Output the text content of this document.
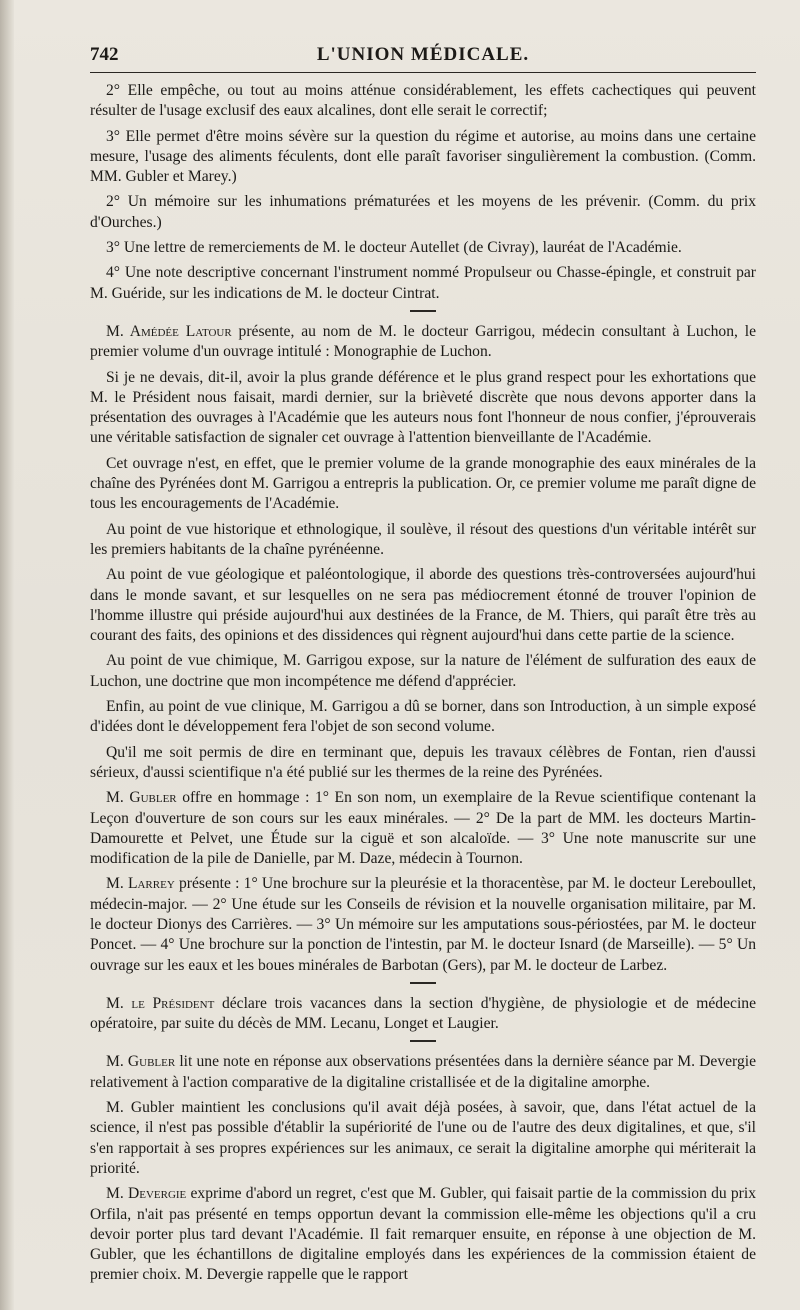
742	L'UNION MÉDICALE.

2° Elle empêche, ou tout au moins atténue considérablement, les effets cachectiques qui peuvent résulter de l'usage exclusif des eaux alcalines, dont elle serait le correctif;

3° Elle permet d'être moins sévère sur la question du régime et autorise, au moins dans une certaine mesure, l'usage des aliments féculents, dont elle paraît favoriser singulièrement la combustion. (Comm. MM. Gubler et Marey.)

2° Un mémoire sur les inhumations prématurées et les moyens de les prévenir. (Comm. du prix d'Ourches.)

3° Une lettre de remerciements de M. le docteur Autellet (de Civray), lauréat de l'Académie.

4° Une note descriptive concernant l'instrument nommé Propulseur ou Chasse-épingle, et construit par M. Guéride, sur les indications de M. le docteur Cintrat.

M. Amédée Latour présente, au nom de M. le docteur Garrigou, médecin consultant à Luchon, le premier volume d'un ouvrage intitulé : Monographie de Luchon.

Si je ne devais, dit-il, avoir la plus grande déférence et le plus grand respect pour les exhortations que M. le Président nous faisait, mardi dernier, sur la brièveté discrète que nous devons apporter dans la présentation des ouvrages à l'Académie que les auteurs nous font l'honneur de nous confier, j'éprouverais une véritable satisfaction de signaler cet ouvrage à l'attention bienveillante de l'Académie.

Cet ouvrage n'est, en effet, que le premier volume de la grande monographie des eaux minérales de la chaîne des Pyrénées dont M. Garrigou a entrepris la publication. Or, ce premier volume me paraît digne de tous les encouragements de l'Académie.

Au point de vue historique et ethnologique, il soulève, il résout des questions d'un véritable intérêt sur les premiers habitants de la chaîne pyrénéenne.

Au point de vue géologique et paléontologique, il aborde des questions très-controversées aujourd'hui dans le monde savant, et sur lesquelles on ne sera pas médiocrement étonné de trouver l'opinion de l'homme illustre qui préside aujourd'hui aux destinées de la France, de M. Thiers, qui paraît être très au courant des faits, des opinions et des dissidences qui règnent aujourd'hui dans cette partie de la science.

Au point de vue chimique, M. Garrigou expose, sur la nature de l'élément de sulfuration des eaux de Luchon, une doctrine que mon incompétence me défend d'apprécier.

Enfin, au point de vue clinique, M. Garrigou a dû se borner, dans son Introduction, à un simple exposé d'idées dont le développement fera l'objet de son second volume.

Qu'il me soit permis de dire en terminant que, depuis les travaux célèbres de Fontan, rien d'aussi sérieux, d'aussi scientifique n'a été publié sur les thermes de la reine des Pyrénées.

M. Gubler offre en hommage : 1° En son nom, un exemplaire de la Revue scientifique contenant la Leçon d'ouverture de son cours sur les eaux minérales. — 2° De la part de MM. les docteurs Martin-Damourette et Pelvet, une Étude sur la ciguë et son alcaloïde. — 3° Une note manuscrite sur une modification de la pile de Danielle, par M. Daze, médecin à Tournon.

M. Larrey présente : 1° Une brochure sur la pleurésie et la thoracentèse, par M. le docteur Lereboullet, médecin-major. — 2° Une étude sur les Conseils de révision et la nouvelle organisation militaire, par M. le docteur Dionys des Carrières. — 3° Un mémoire sur les amputations sous-périostées, par M. le docteur Poncet. — 4° Une brochure sur la ponction de l'intestin, par M. le docteur Isnard (de Marseille). — 5° Un ouvrage sur les eaux et les boues minérales de Barbotan (Gers), par M. le docteur de Larbez.

M. le Président déclare trois vacances dans la section d'hygiène, de physiologie et de médecine opératoire, par suite du décès de MM. Lecanu, Longet et Laugier.

M. Gubler lit une note en réponse aux observations présentées dans la dernière séance par M. Devergie relativement à l'action comparative de la digitaline cristallisée et de la digitaline amorphe.

M. Gubler maintient les conclusions qu'il avait déjà posées, à savoir, que, dans l'état actuel de la science, il n'est pas possible d'établir la supériorité de l'une ou de l'autre des deux digitalines, et que, s'il s'en rapportait à ses propres expériences sur les animaux, ce serait la digitaline amorphe qui mériterait la priorité.

M. Devergie exprime d'abord un regret, c'est que M. Gubler, qui faisait partie de la commission du prix Orfila, n'ait pas présenté en temps opportun devant la commission elle-même les objections qu'il a cru devoir porter plus tard devant l'Académie. Il fait remarquer ensuite, en réponse à une objection de M. Gubler, que les échantillons de digitaline employés dans les expériences de la commission étaient de premier choix. M. Devergie rappelle que le rapport
